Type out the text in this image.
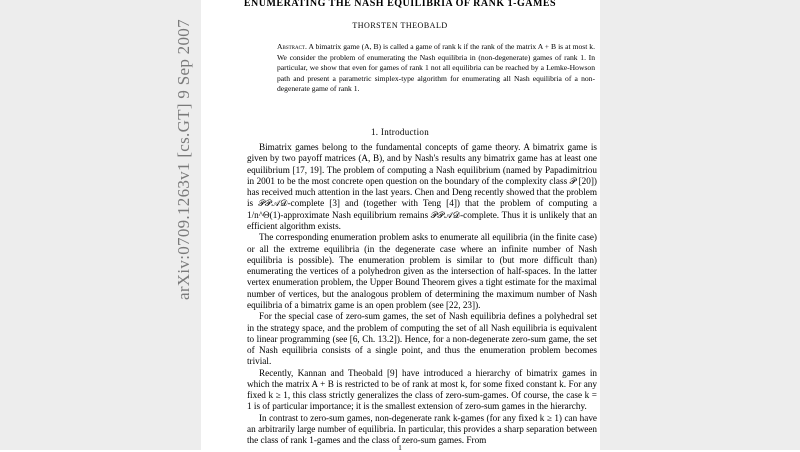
arXiv:0709.1263v1 [cs.GT] 9 Sep 2007
ENUMERATING THE NASH EQUILIBRIA OF RANK 1-GAMES
THORSTEN THEOBALD
Abstract. A bimatrix game (A, B) is called a game of rank k if the rank of the matrix A + B is at most k. We consider the problem of enumerating the Nash equilibria in (non-degenerate) games of rank 1. In particular, we show that even for games of rank 1 not all equilibria can be reached by a Lemke-Howson path and present a parametric simplex-type algorithm for enumerating all Nash equilibria of a non-degenerate game of rank 1.
1. Introduction

Bimatrix games belong to the fundamental concepts of game theory. A bimatrix game is given by two payoff matrices (A, B), and by Nash's results any bimatrix game has at least one equilibrium [17, 19]. The problem of computing a Nash equilibrium (named by Papadimitriou in 2001 to be the most concrete open question on the boundary of the complexity class 𝒫 [20]) has received much attention in the last years. Chen and Deng recently showed that the problem is 𝒫𝒫𝒜𝒟-complete [3] and (together with Teng [4]) that the problem of computing a 1/n^Θ(1)-approximate Nash equilibrium remains 𝒫𝒫𝒜𝒟-complete. Thus it is unlikely that an efficient algorithm exists.

The corresponding enumeration problem asks to enumerate all equilibria (in the finite case) or all the extreme equilibria (in the degenerate case where an infinite number of Nash equilibria is possible). The enumeration problem is similar to (but more difficult than) enumerating the vertices of a polyhedron given as the intersection of half-spaces. In the latter vertex enumeration problem, the Upper Bound Theorem gives a tight estimate for the maximal number of vertices, but the analogous problem of determining the maximum number of Nash equilibria of a bimatrix game is an open problem (see [22, 23]).

For the special case of zero-sum games, the set of Nash equilibria defines a polyhedral set in the strategy space, and the problem of computing the set of all Nash equilibria is equivalent to linear programming (see [6, Ch. 13.2]). Hence, for a non-degenerate zero-sum game, the set of Nash equilibria consists of a single point, and thus the enumeration problem becomes trivial.

Recently, Kannan and Theobald [9] have introduced a hierarchy of bimatrix games in which the matrix A + B is restricted to be of rank at most k, for some fixed constant k. For any fixed k ≥ 1, this class strictly generalizes the class of zero-sum-games. Of course, the case k = 1 is of particular importance; it is the smallest extension of zero-sum games in the hierarchy.

In contrast to zero-sum games, non-degenerate rank k-games (for any fixed k ≥ 1) can have an arbitrarily large number of equilibria. In particular, this provides a sharp separation between the class of rank 1-games and the class of zero-sum games. From

1
